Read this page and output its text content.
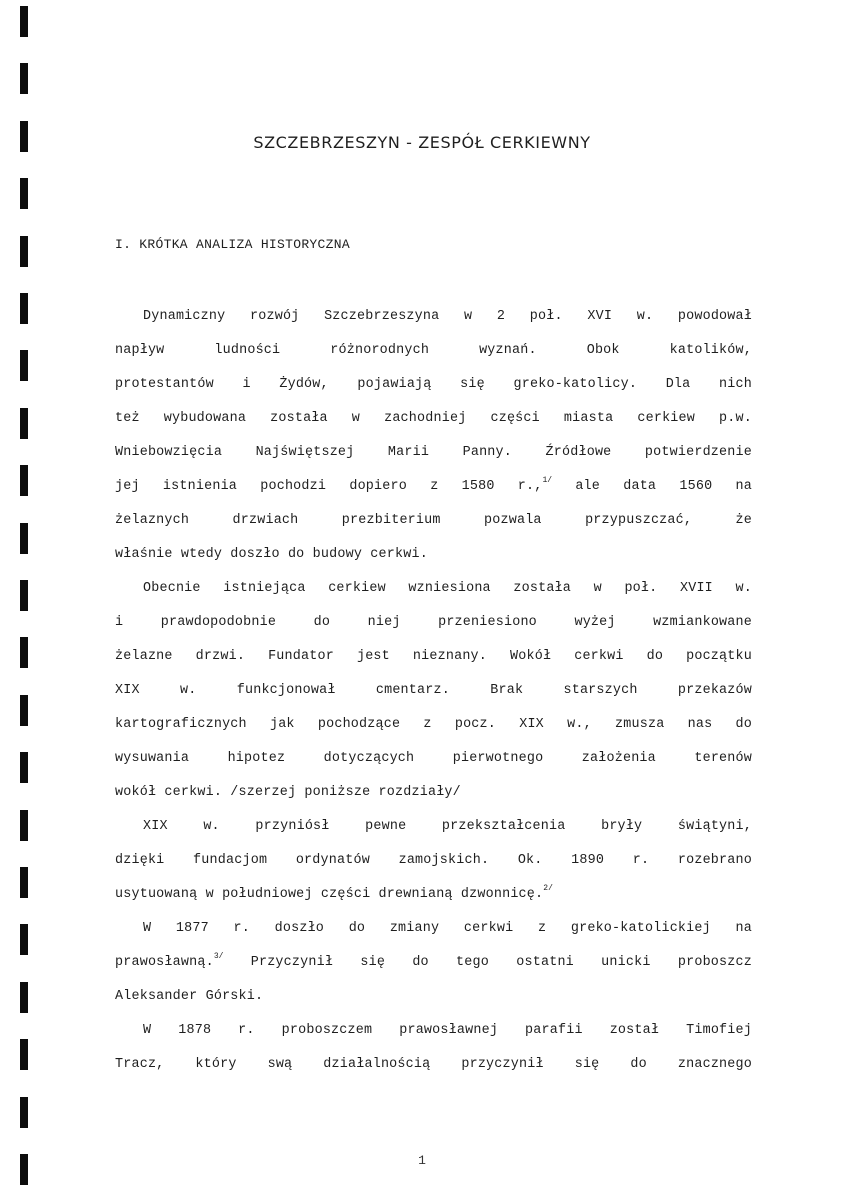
SZCZEBRZESZYN - ZESPÓŁ CERKIEWNY
I. KRÓTKA ANALIZA HISTORYCZNA
Dynamiczny rozwój Szczebrzeszyna w 2 poł. XVI w. powodował
napływ ludności różnorodnych wyznań. Obok katolików,
protestantów i Żydów, pojawiają się greko-katolicy. Dla nich
też wybudowana została w zachodniej części miasta cerkiew p.w.
Wniebowzięcia Najświętszej Marii Panny. Źródłowe potwierdzenie
jej istnienia pochodzi dopiero z 1580 r.,$^{1/}$ ale data 1560 na
żelaznych drzwiach prezbiterium pozwala przypuszczać, że
właśnie wtedy doszło do budowy cerkwi.
Obecnie istniejąca cerkiew wzniesiona została w poł. XVII w.
i prawdopodobnie do niej przeniesiono wyżej wzmiankowane
żelazne drzwi. Fundator jest nieznany. Wokół cerkwi do początku
XIX w. funkcjonował cmentarz. Brak starszych przekazów
kartograficznych jak pochodzące z pocz. XIX w., zmusza nas do
wysuwania hipotez dotyczących pierwotnego założenia terenów
wokół cerkwi. /szerzej poniższe rozdziały/
XIX w. przyniósł pewne przekształcenia bryły świątyni,
dzięki fundacjom ordynatów zamojskich. Ok. 1890 r. rozebrano
usytuowaną w południowej części drewnianą dzwonnicę.$^{2/}$
W 1877 r. doszło do zmiany cerkwi z greko-katolickiej na
prawosławną.$^{3/}$ Przyczynił się do tego ostatni unicki proboszcz
Aleksander Górski.
W 1878 r. proboszczem prawosławnej parafii został Timofiej
Tracz, który swą działalnością przyczynił się do znacznego
1
